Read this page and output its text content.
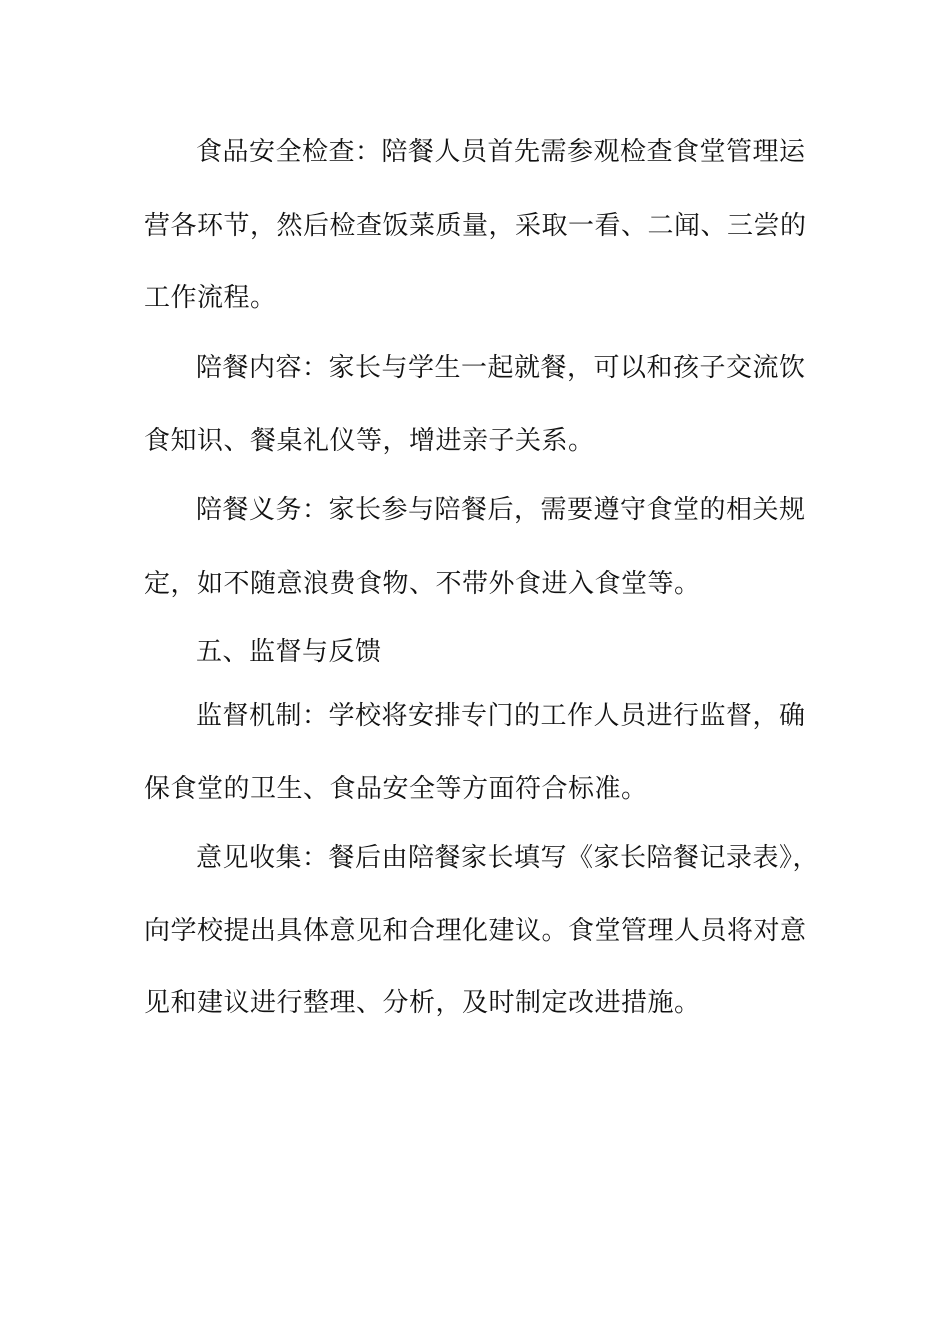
食品安全检查：陪餐人员首先需参观检查食堂管理运
营各环节，然后检查饭菜质量，采取一看、二闻、三尝的
工作流程。
陪餐内容：家长与学生一起就餐，可以和孩子交流饮
食知识、餐桌礼仪等，增进亲子关系。
陪餐义务：家长参与陪餐后，需要遵守食堂的相关规
定，如不随意浪费食物、不带外食进入食堂等。
五、监督与反馈
监督机制：学校将安排专门的工作人员进行监督，确
保食堂的卫生、食品安全等方面符合标准。
意见收集：餐后由陪餐家长填写《家长陪餐记录表》，
向学校提出具体意见和合理化建议。食堂管理人员将对意
见和建议进行整理、分析，及时制定改进措施。
